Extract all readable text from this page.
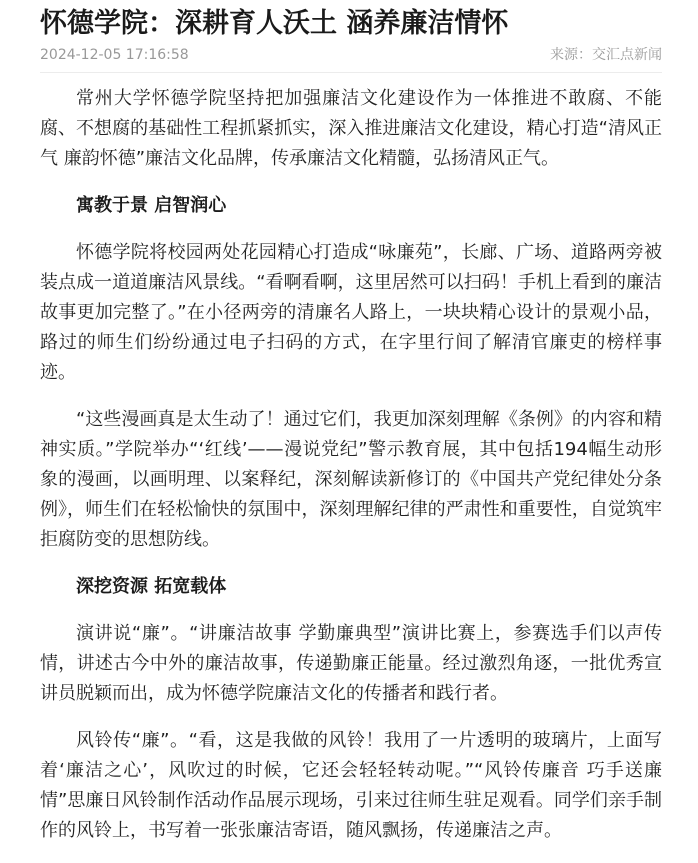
怀德学院：深耕育人沃土 涵养廉洁情怀
2024-12-05 17:16:58	来源：交汇点新闻

常州大学怀德学院坚持把加强廉洁文化建设作为一体推进不敢腐、不能腐、不想腐的基础性工程抓紧抓实，深入推进廉洁文化建设，精心打造“清风正气 廉韵怀德”廉洁文化品牌，传承廉洁文化精髓，弘扬清风正气。

寓教于景 启智润心

怀德学院将校园两处花园精心打造成“咏廉苑”，长廊、广场、道路两旁被装点成一道道廉洁风景线。“看啊看啊，这里居然可以扫码！手机上看到的廉洁故事更加完整了。”在小径两旁的清廉名人路上，一块块精心设计的景观小品，路过的师生们纷纷通过电子扫码的方式，在字里行间了解清官廉吏的榜样事迹。

“这些漫画真是太生动了！通过它们，我更加深刻理解《条例》的内容和精神实质。”学院举办“‘红线’——漫说党纪”警示教育展，其中包括194幅生动形象的漫画，以画明理、以案释纪，深刻解读新修订的《中国共产党纪律处分条例》，师生们在轻松愉快的氛围中，深刻理解纪律的严肃性和重要性，自觉筑牢拒腐防变的思想防线。

深挖资源 拓宽载体

演讲说“廉”。“讲廉洁故事 学勤廉典型”演讲比赛上，参赛选手们以声传情，讲述古今中外的廉洁故事，传递勤廉正能量。经过激烈角逐，一批优秀宣讲员脱颖而出，成为怀德学院廉洁文化的传播者和践行者。

风铃传“廉”。“看，这是我做的风铃！我用了一片透明的玻璃片，上面写着‘廉洁之心’，风吹过的时候，它还会轻轻转动呢。”“风铃传廉音 巧手送廉情”思廉日风铃制作活动作品展示现场，引来过往师生驻足观看。同学们亲手制作的风铃上，书写着一张张廉洁寄语，随风飘扬，传递廉洁之声。
